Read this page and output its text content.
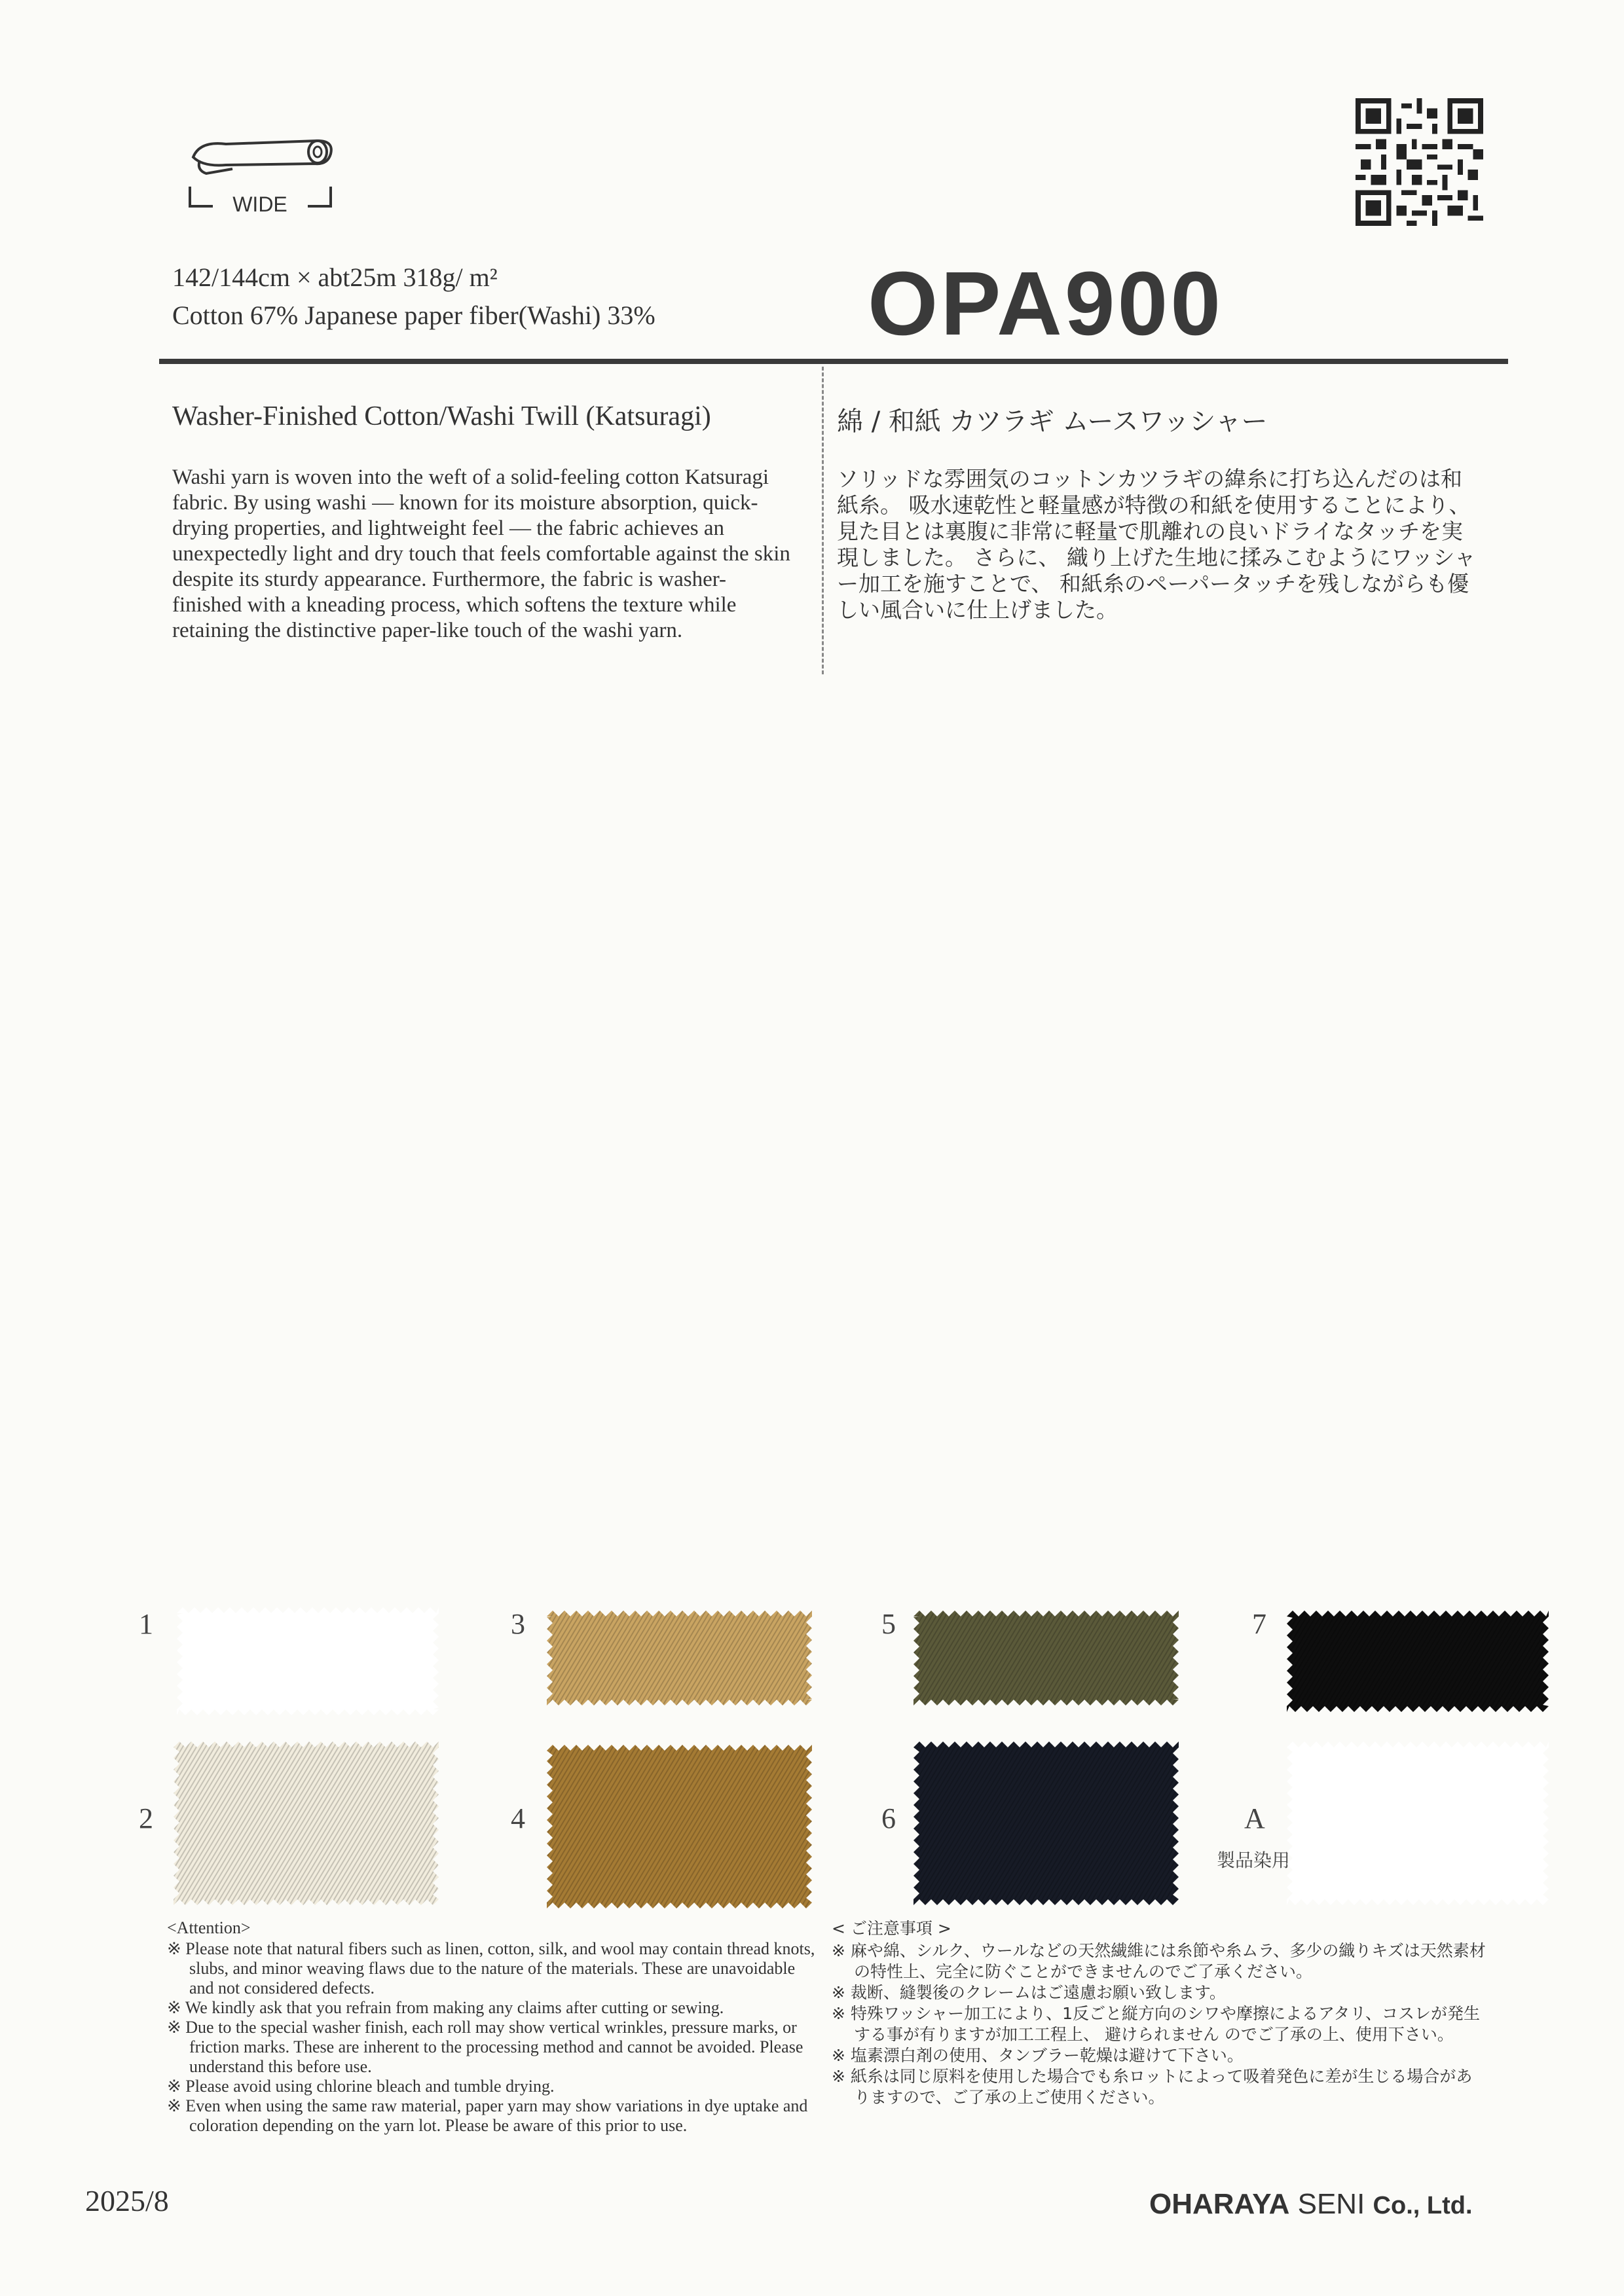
WIDE
142/144cm × abt25m 318g/ m²
Cotton 67% Japanese paper fiber(Washi) 33% OPA900
Washer-Finished Cotton/Washi Twill (Katsuragi)	綿 / 和紙 カツラギ ムースワッシャー
Washi yarn is woven into the weft of a solid-feeling cotton Katsuragi fabric. By using washi — known for its moisture absorption, quick-drying properties, and lightweight feel — the fabric achieves an unexpectedly light and dry touch that feels comfortable against the skin despite its sturdy appearance. Furthermore, the fabric is washer-finished with a kneading process, which softens the texture while retaining the distinctive paper-like touch of the washi yarn.
ソリッドな雰囲気のコットンカツラギの緯糸に打ち込んだのは和紙糸。 吸水速乾性と軽量感が特徴の和紙を使用することにより、見た目とは裏腹に非常に軽量で肌離れの良いドライなタッチを実現しました。 さらに、 織り上げた生地に揉みこむようにワッシャー加工を施すことで、 和紙糸のペーパータッチを残しながらも優しい風合いに仕上げました。
1
2
3
4
5
6
7
A
製品染用
<Attention>
※ Please note that natural fibers such as linen, cotton, silk, and wool may contain thread knots, slubs, and minor weaving flaws due to the nature of the materials. These are unavoidable and not considered defects.
※ We kindly ask that you refrain from making any claims after cutting or sewing.
※ Due to the special washer finish, each roll may show vertical wrinkles, pressure marks, or friction marks. These are inherent to the processing method and cannot be avoided. Please understand this before use.
※ Please avoid using chlorine bleach and tumble drying.
※ Even when using the same raw material, paper yarn may show variations in dye uptake and coloration depending on the yarn lot. Please be aware of this prior to use.
< ご注意事項 >
※ 麻や綿、シルク、ウールなどの天然繊維には糸節や糸ムラ、多少の織りキズは天然素材の特性上、完全に防ぐことができませんのでご了承ください。
※ 裁断、縫製後のクレームはご遠慮お願い致します。
※ 特殊ワッシャー加工により、1反ごと縦方向のシワや摩擦によるアタリ、コスレが発生する事が有りますが加工工程上、 避けられません のでご了承の上、使用下さい。
※ 塩素漂白剤の使用、タンブラー乾燥は避けて下さい。
※ 紙糸は同じ原料を使用した場合でも糸ロットによって吸着発色に差が生じる場合がありますので、ご了承の上ご使用ください。
2025/8	OHARAYA SENI Co., Ltd.
